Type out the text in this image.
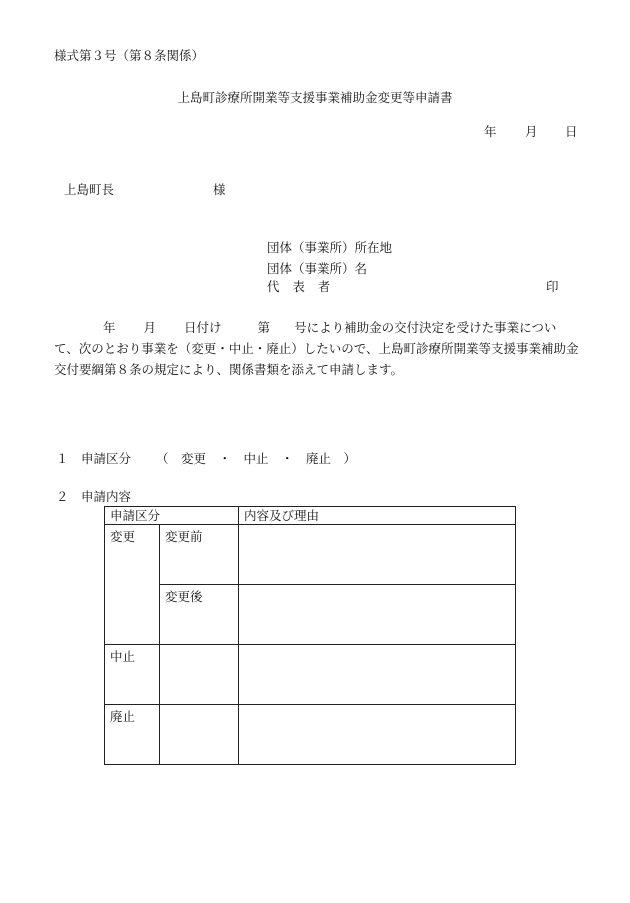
様式第３号（第８条関係）
上島町診療所開業等支援事業補助金変更等申請書
年 月 日
上島町長	様
団体（事業所）所在地
団体（事業所）名
代　表　者	印
年 月 日付け	第 号により補助金の交付決定を受けた事業について、次のとおり事業を（変更・中止・廃止）したいので、上島町診療所開業等支援事業補助金交付要綱第８条の規定により、関係書類を添えて申請します。
１ 申請区分 （　変更　・　中止　・　廃止　）
２ 申請内容
申請区分		内容及び理由
変更	変更前	
	変更後	
中止		
廃止		
